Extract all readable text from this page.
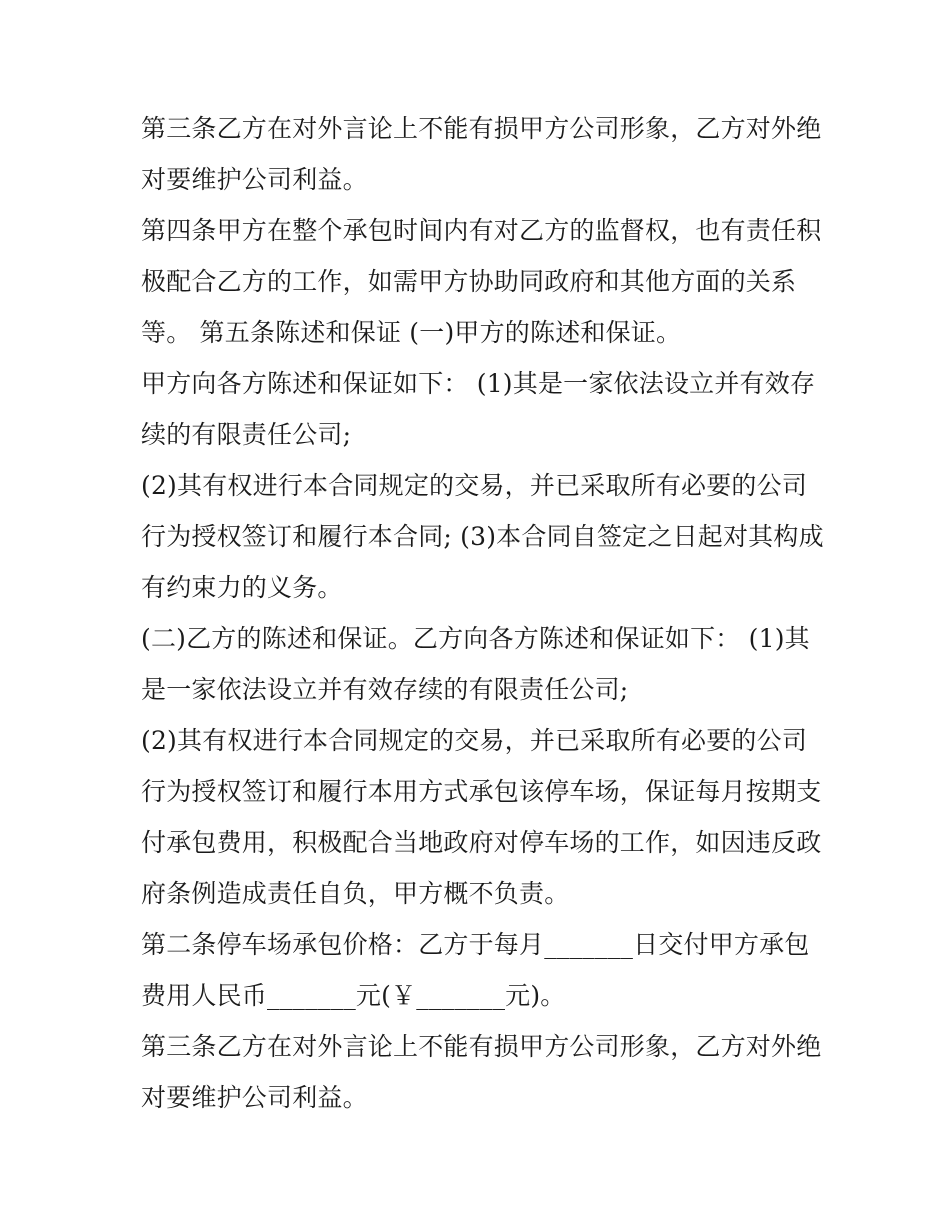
第三条乙方在对外言论上不能有损甲方公司形象，乙方对外绝
对要维护公司利益。
第四条甲方在整个承包时间内有对乙方的监督权，也有责任积
极配合乙方的工作，如需甲方协助同政府和其他方面的关系
等。 第五条陈述和保证 (一)甲方的陈述和保证。
甲方向各方陈述和保证如下： (1)其是一家依法设立并有效存
续的有限责任公司;
(2)其有权进行本合同规定的交易，并已采取所有必要的公司
行为授权签订和履行本合同; (3)本合同自签定之日起对其构成
有约束力的义务。
(二)乙方的陈述和保证。乙方向各方陈述和保证如下： (1)其
是一家依法设立并有效存续的有限责任公司;
(2)其有权进行本合同规定的交易，并已采取所有必要的公司
行为授权签订和履行本用方式承包该停车场，保证每月按期支
付承包费用，积极配合当地政府对停车场的工作，如因违反政
府条例造成责任自负，甲方概不负责。
第二条停车场承包价格：乙方于每月_______日交付甲方承包
费用人民币_______元(￥_______元)。
第三条乙方在对外言论上不能有损甲方公司形象，乙方对外绝
对要维护公司利益。
